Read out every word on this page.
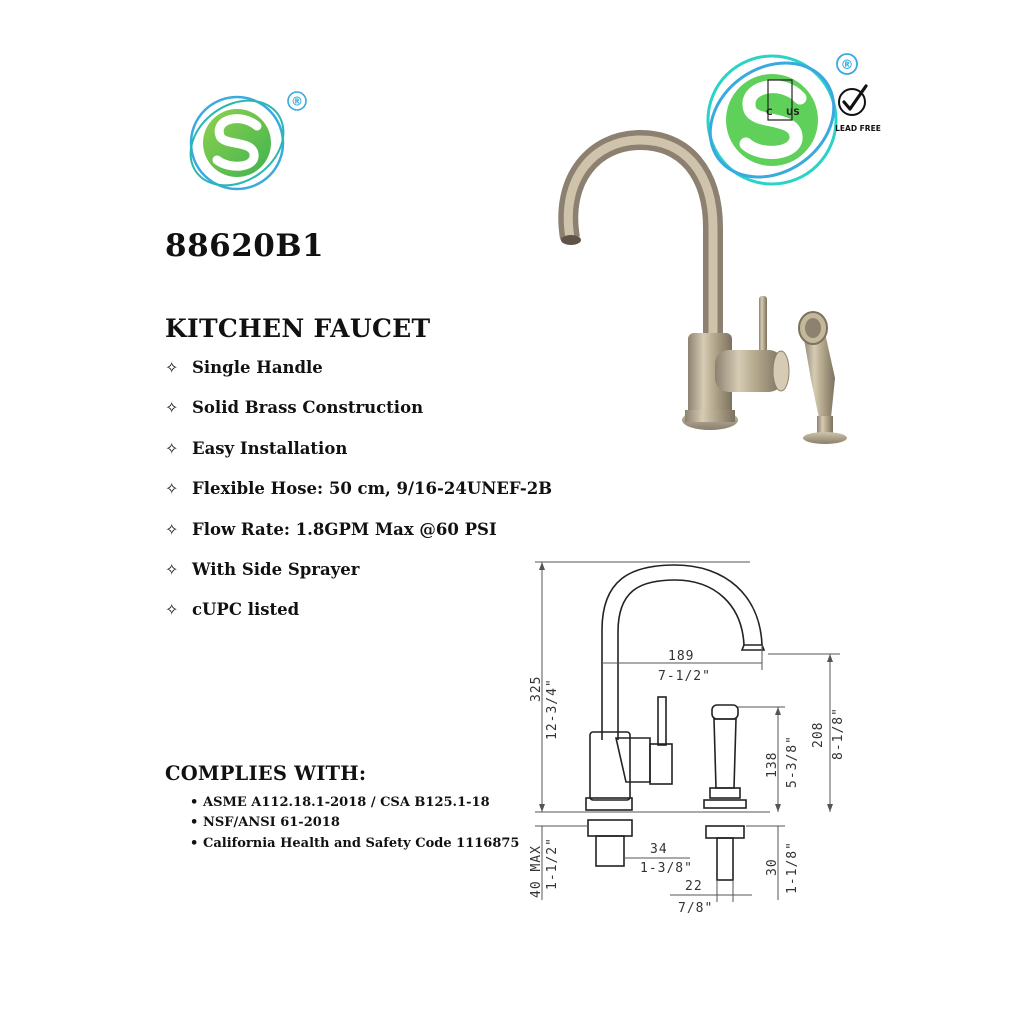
®
C US
®
LEAD FREE
88620B1
KITCHEN FAUCET
✧ Single Handle
✧ Solid Brass Construction
✧ Easy Installation
✧ Flexible Hose: 50 cm, 9/16-24UNEF-2B
✧ Flow Rate: 1.8GPM Max @60 PSI
✧ With Side Sprayer
✧ cUPC listed
COMPLIES WITH:
• ASME A112.18.1-2018 / CSA B125.1-18
• NSF/ANSI 61-2018
• California Health and Safety Code 1116875
325 12-3/4"
189
7-1/2"
208 8-1/8"
138 5-3/8"
40 MAX 1-1/2"	34
1-3/8"
22
7/8"
30 1-1/8"
